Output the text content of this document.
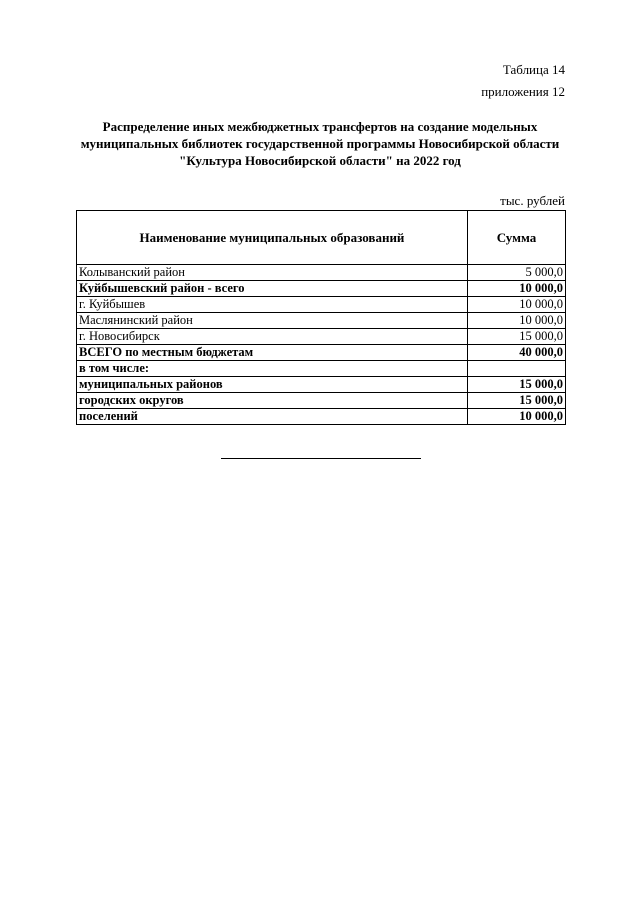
Таблица 14
приложения 12
Распределение иных межбюджетных трансфертов на создание модельных
муниципальных библиотек государственной программы Новосибирской области
"Культура Новосибирской области" на 2022 год
тыс. рублей
Наименование муниципальных образований	Сумма
Колыванский район	5 000,0
Куйбышевский район - всего	10 000,0
г. Куйбышев	10 000,0
Маслянинский район	10 000,0
г. Новосибирск	15 000,0
ВСЕГО по местным бюджетам	40 000,0
в том числе:	
муниципальных районов	15 000,0
городских округов	15 000,0
поселений	10 000,0
